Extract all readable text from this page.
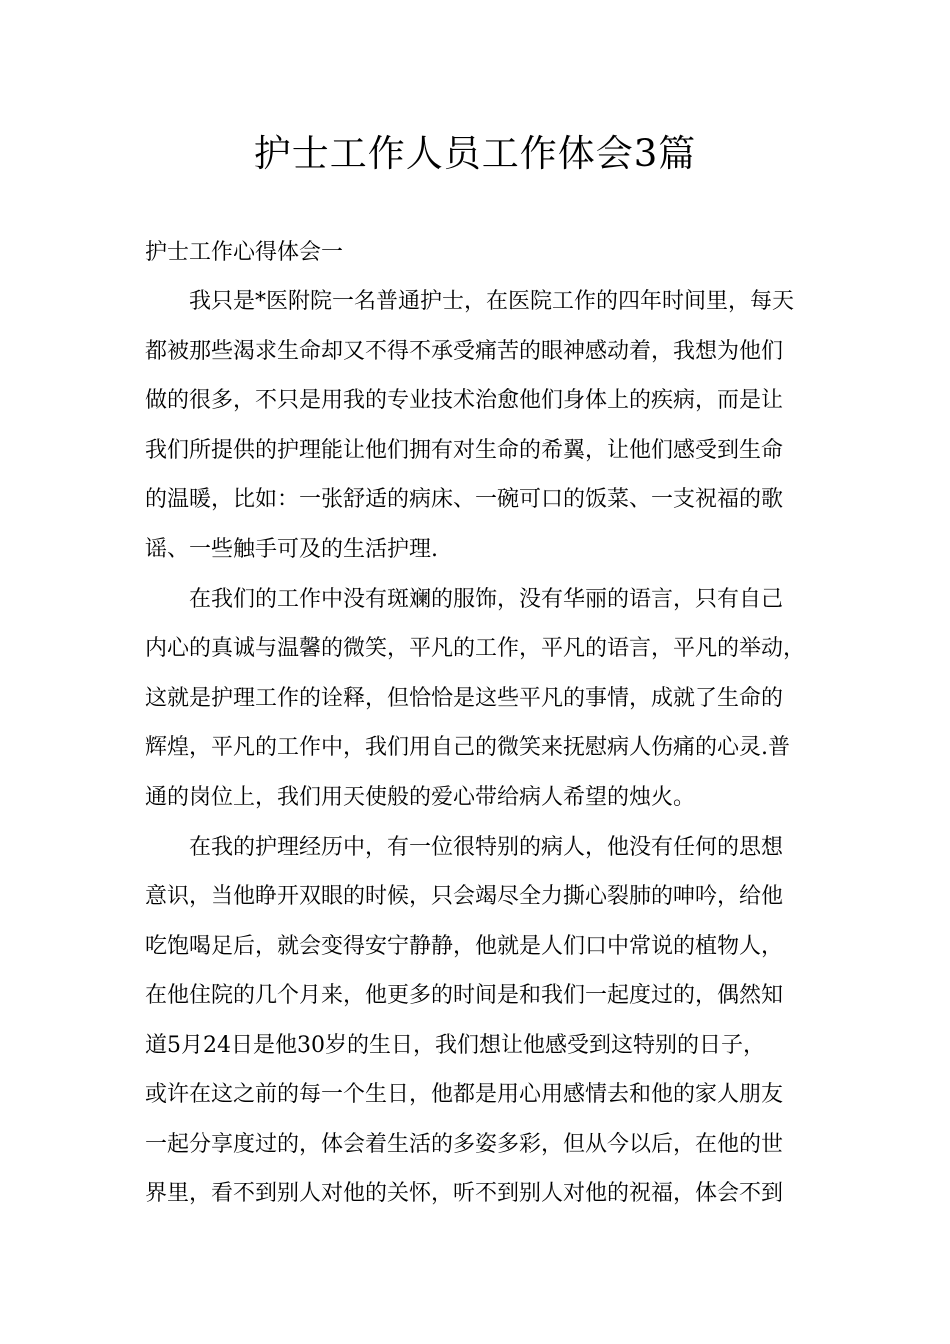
护士工作人员工作体会3篇

护士工作心得体会一

我只是*医附院一名普通护士，在医院工作的四年时间里，每天

都被那些渴求生命却又不得不承受痛苦的眼神感动着，我想为他们

做的很多，不只是用我的专业技术治愈他们身体上的疾病，而是让

我们所提供的护理能让他们拥有对生命的希翼，让他们感受到生命

的温暖，比如：一张舒适的病床、一碗可口的饭菜、一支祝福的歌

谣、一些触手可及的生活护理.

在我们的工作中没有斑斓的服饰，没有华丽的语言，只有自己

内心的真诚与温馨的微笑，平凡的工作，平凡的语言，平凡的举动，

这就是护理工作的诠释，但恰恰是这些平凡的事情，成就了生命的

辉煌，平凡的工作中，我们用自己的微笑来抚慰病人伤痛的心灵.普

通的岗位上，我们用天使般的爱心带给病人希望的烛火。

在我的护理经历中，有一位很特别的病人，他没有任何的思想

意识，当他睁开双眼的时候，只会竭尽全力撕心裂肺的呻吟，给他

吃饱喝足后，就会变得安宁静静，他就是人们口中常说的植物人，

在他住院的几个月来，他更多的时间是和我们一起度过的，偶然知

道5月24日是他30岁的生日，我们想让他感受到这特别的日子，

或许在这之前的每一个生日，他都是用心用感情去和他的家人朋友

一起分享度过的，体会着生活的多姿多彩，但从今以后，在他的世

界里，看不到别人对他的关怀，听不到别人对他的祝福，体会不到
